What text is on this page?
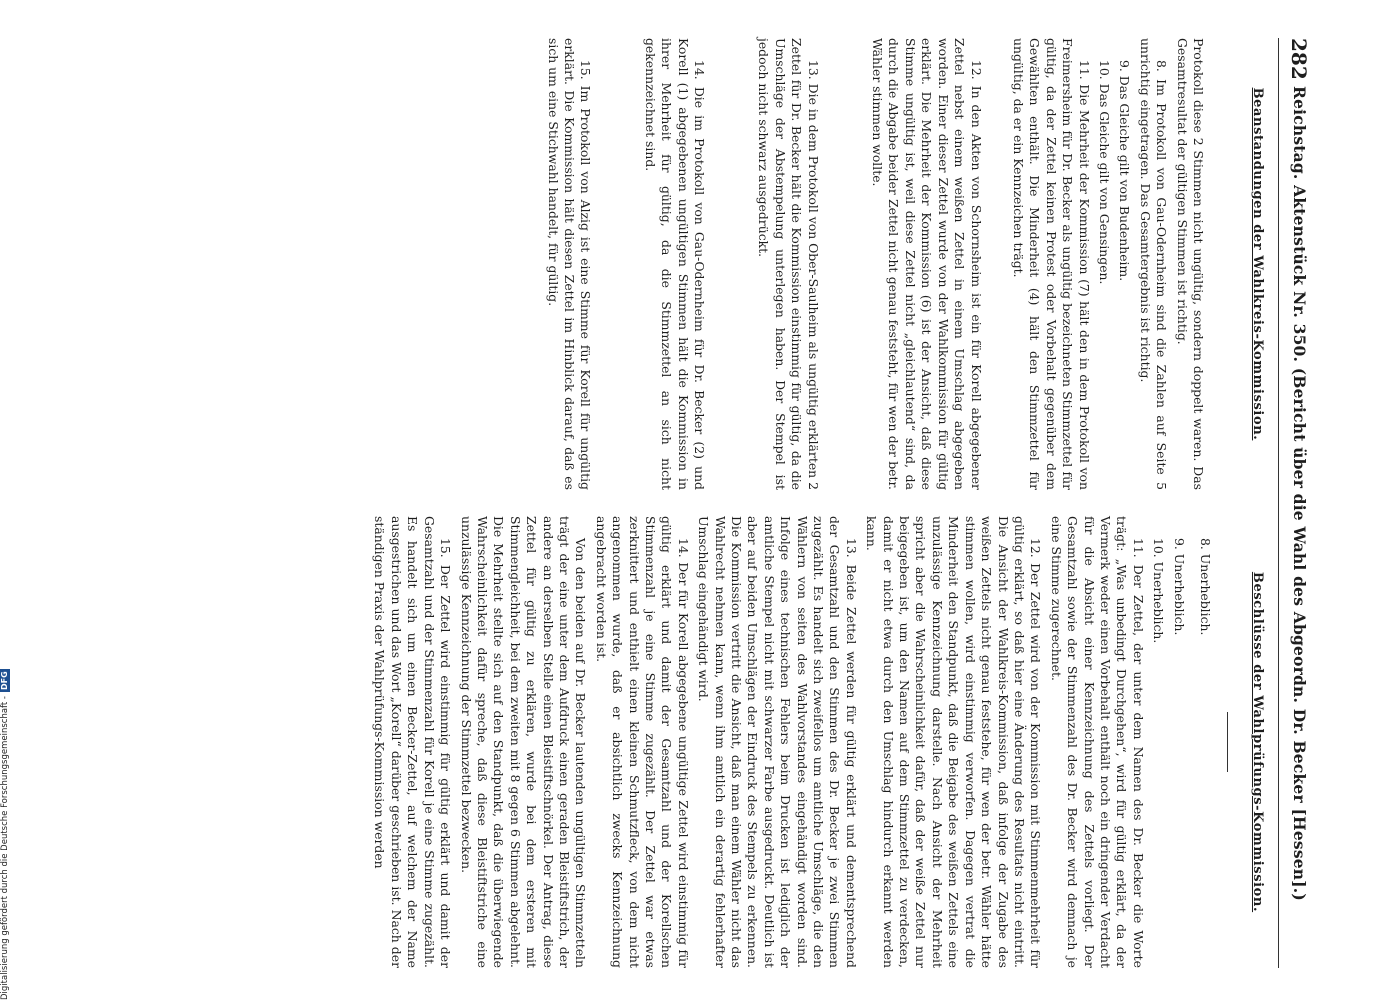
282
Reichstag. Aktenstück Nr. 350. (Bericht über die Wahl des Abgeordn. Dr. Becker [Hessen].)
Beanstandungen der Wahlkreis-Kommission.

Protokoll diese 2 Stimmen nicht ungültig, sondern doppelt waren. Das Gesamtresultat der gültigen Stimmen ist richtig.

8. Im Protokoll von Gau-Odernheim sind die Zahlen auf Seite 5 unrichtig eingetragen. Das Gesamtergebnis ist richtig.

9. Das Gleiche gilt von Budenheim.

10. Das Gleiche gilt von Gensingen.

11. Die Mehrheit der Kommission (7) hält den in dem Protokoll von Freimersheim für Dr. Becker als ungültig bezeichneten Stimmzettel für gültig, da der Zettel keinen Protest oder Vorbehalt gegenüber dem Gewählten enthält. Die Minderheit (4) hält den Stimmzettel für ungültig, da er ein Kennzeichen trägt.

12. In den Akten von Schornsheim ist ein für Korell abgegebener Zettel nebst einem weißen Zettel in einem Umschlag abgegeben worden. Einer dieser Zettel wurde von der Wahlkommission für gültig erklärt. Die Mehrheit der Kommission (6) ist der Ansicht, daß diese Stimme ungültig ist, weil diese Zettel nicht „gleichlautend“ sind, da durch die Abgabe beider Zettel nicht genau feststeht, für wen der betr. Wähler stimmen wollte.

13. Die in dem Protokoll von Ober-Saulheim als ungültig erklärten 2 Zettel für Dr. Becker hält die Kommission einstimmig für gültig, da die Umschläge der Abstempelung unterlegen haben. Der Stempel ist jedoch nicht schwarz ausgedrückt.

14. Die im Protokoll von Gau-Odernheim für Dr. Becker (2) und Korell (1) abgegebenen ungültigen Stimmen hält die Kommission in ihrer Mehrheit für gültig, da die Stimmzettel an sich nicht gekennzeichnet sind.

15. Im Protokoll von Alzig ist eine Stimme für Korell für ungültig erklärt. Die Kommission hält diesen Zettel im Hinblick darauf, daß es sich um eine Stichwahl handelt, für gültig.

Beschlüsse der Wahlprüfungs-Kommission.

8. Unerheblich.

9. Unerheblich.

10. Unerheblich.

11. Der Zettel, der unter dem Namen des Dr. Becker die Worte trägt: „Was unbedingt Durchgehen“, wird für gültig erklärt, da der Vermerk weder einen Vorbehalt enthält noch ein dringender Verdacht für die Absicht einer Kennzeichnung des Zettels vorliegt. Der Gesamtzahl sowie der Stimmenzahl des Dr. Becker wird demnach je eine Stimme zugerechnet.

12. Der Zettel wird von der Kommission mit Stimmenmehrheit für gültig erklärt, so daß hier eine Änderung des Resultats nicht eintritt. Die Ansicht der Wahlkreis-Kommission, daß infolge der Zugabe des weißen Zettels nicht genau feststehe, für wen der betr. Wähler hätte stimmen wollen, wird einstimmig verworfen. Dagegen vertrat die Minderheit den Standpunkt, daß die Beigabe des weißen Zettels eine unzulässige Kennzeichnung darstelle. Nach Ansicht der Mehrheit spricht aber die Wahrscheinlichkeit dafür, daß der weiße Zettel nur beigegeben ist, um den Namen auf dem Stimmzettel zu verdecken, damit er nicht etwa durch den Umschlag hindurch erkannt werden kann.

13. Beide Zettel werden für gültig erklärt und dementsprechend der Gesamtzahl und den Stimmen des Dr. Becker je zwei Stimmen zugezählt. Es handelt sich zweifellos um amtliche Umschläge, die den Wählern von seiten des Wahlvorstandes eingehändigt worden sind. Infolge eines technischen Fehlers beim Drucken ist lediglich der amtliche Stempel nicht mit schwarzer Farbe ausgedruckt. Deutlich ist aber auf beiden Umschlägen der Eindruck des Stempels zu erkennen. Die Kommission vertritt die Ansicht, daß man einem Wähler nicht das Wahlrecht nehmen kann, wenn ihm amtlich ein derartig fehlerhafter Umschlag eingehändigt wird.

14. Der für Korell abgegebene ungültige Zettel wird einstimmig für gültig erklärt und damit der Gesamtzahl und der Korellschen Stimmenzahl je eine Stimme zugezählt. Der Zettel war etwas zerknittert und enthielt einen kleinen Schmutzfleck, von dem nicht angenommen wurde, daß er absichtlich zwecks Kennzeichnung angebracht worden ist.

Von den beiden auf Dr. Becker lautenden ungültigen Stimmzetteln trägt der eine unter dem Aufdruck einen geraden Bleistiftstrich, der andere an derselben Stelle einen Bleistiftschnörkel. Der Antrag, diese Zettel für gültig zu erklären, wurde bei dem ersteren mit Stimmengleichheit, bei dem zweiten mit 8 gegen 6 Stimmen abgelehnt. Die Mehrheit stellte sich auf den Standpunkt, daß die überwiegende Wahrscheinlichkeit dafür spreche, daß diese Bleistiftstriche eine unzulässige Kennzeichnung der Stimmzettel bezwecken.

15. Der Zettel wird einstimmig für gültig erklärt und damit der Gesamtzahl und der Stimmenzahl für Korell je eine Stimme zugezählt. Es handelt sich um einen Becker-Zettel, auf welchem der Name ausgestrichen und das Wort „Korell“ darüber geschrieben ist. Nach der ständigen Praxis der Wahlprüfungs-Kommission werden

Digitalisierung gefördert durch die Deutsche Forschungsgemeinschaft -DFG
